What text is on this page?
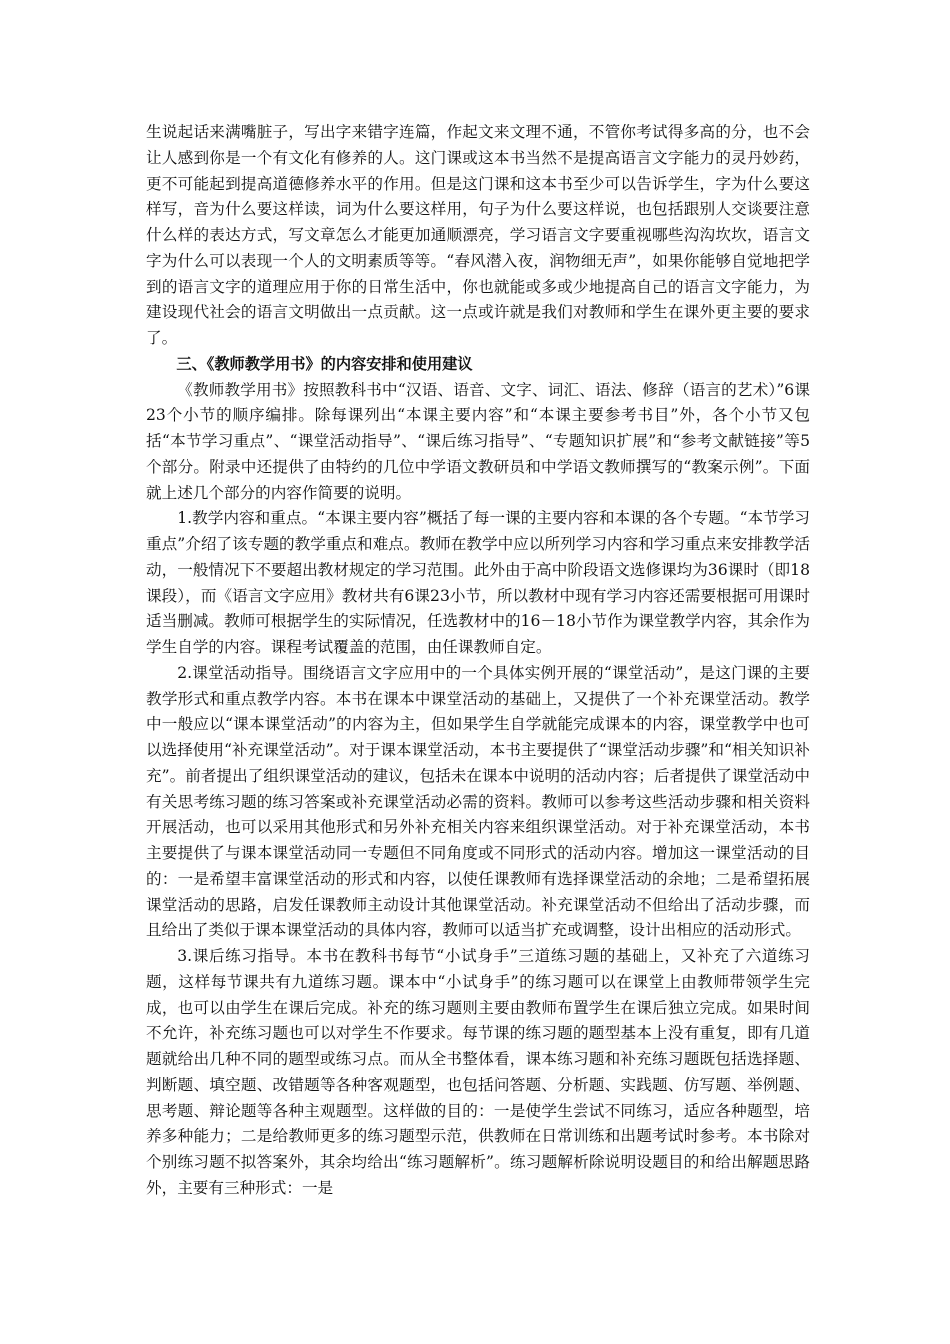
生说起话来满嘴脏子，写出字来错字连篇，作起文来文理不通，不管你考试得多高的分，也不会让人感到你是一个有文化有修养的人。这门课或这本书当然不是提高语言文字能力的灵丹妙药，更不可能起到提高道德修养水平的作用。但是这门课和这本书至少可以告诉学生，字为什么要这样写，音为什么要这样读，词为什么要这样用，句子为什么要这样说，也包括跟别人交谈要注意什么样的表达方式，写文章怎么才能更加通顺漂亮，学习语言文字要重视哪些沟沟坎坎，语言文字为什么可以表现一个人的文明素质等等。“春风潜入夜，润物细无声”，如果你能够自觉地把学到的语言文字的道理应用于你的日常生活中，你也就能或多或少地提高自己的语言文字能力，为建设现代社会的语言文明做出一点贡献。这一点或许就是我们对教师和学生在课外更主要的要求了。

三、《教师教学用书》的内容安排和使用建议

《教师教学用书》按照教科书中“汉语、语音、文字、词汇、语法、修辞（语言的艺术）”6课23个小节的顺序编排。除每课列出“本课主要内容”和“本课主要参考书目”外，各个小节又包括“本节学习重点”、“课堂活动指导”、“课后练习指导”、“专题知识扩展”和“参考文献链接”等5个部分。附录中还提供了由特约的几位中学语文教研员和中学语文教师撰写的“教案示例”。下面就上述几个部分的内容作简要的说明。

1.教学内容和重点。“本课主要内容”概括了每一课的主要内容和本课的各个专题。“本节学习重点”介绍了该专题的教学重点和难点。教师在教学中应以所列学习内容和学习重点来安排教学活动，一般情况下不要超出教材规定的学习范围。此外由于高中阶段语文选修课均为36课时（即18课段），而《语言文字应用》教材共有6课23小节，所以教材中现有学习内容还需要根据可用课时适当删减。教师可根据学生的实际情况，任选教材中的16－18小节作为课堂教学内容，其余作为学生自学的内容。课程考试覆盖的范围，由任课教师自定。

2.课堂活动指导。围绕语言文字应用中的一个具体实例开展的“课堂活动”，是这门课的主要教学形式和重点教学内容。本书在课本中课堂活动的基础上，又提供了一个补充课堂活动。教学中一般应以“课本课堂活动”的内容为主，但如果学生自学就能完成课本的内容，课堂教学中也可以选择使用“补充课堂活动”。对于课本课堂活动，本书主要提供了“课堂活动步骤”和“相关知识补充”。前者提出了组织课堂活动的建议，包括未在课本中说明的活动内容；后者提供了课堂活动中有关思考练习题的练习答案或补充课堂活动必需的资料。教师可以参考这些活动步骤和相关资料开展活动，也可以采用其他形式和另外补充相关内容来组织课堂活动。对于补充课堂活动，本书主要提供了与课本课堂活动同一专题但不同角度或不同形式的活动内容。增加这一课堂活动的目的：一是希望丰富课堂活动的形式和内容，以使任课教师有选择课堂活动的余地；二是希望拓展课堂活动的思路，启发任课教师主动设计其他课堂活动。补充课堂活动不但给出了活动步骤，而且给出了类似于课本课堂活动的具体内容，教师可以适当扩充或调整，设计出相应的活动形式。

3.课后练习指导。本书在教科书每节“小试身手”三道练习题的基础上，又补充了六道练习题，这样每节课共有九道练习题。课本中“小试身手”的练习题可以在课堂上由教师带领学生完成，也可以由学生在课后完成。补充的练习题则主要由教师布置学生在课后独立完成。如果时间不允许，补充练习题也可以对学生不作要求。每节课的练习题的题型基本上没有重复，即有几道题就给出几种不同的题型或练习点。而从全书整体看，课本练习题和补充练习题既包括选择题、判断题、填空题、改错题等各种客观题型，也包括问答题、分析题、实践题、仿写题、举例题、思考题、辩论题等各种主观题型。这样做的目的：一是使学生尝试不同练习，适应各种题型，培养多种能力；二是给教师更多的练习题型示范，供教师在日常训练和出题考试时参考。本书除对个别练习题不拟答案外，其余均给出“练习题解析”。练习题解析除说明设题目的和给出解题思路外，主要有三种形式：一是
